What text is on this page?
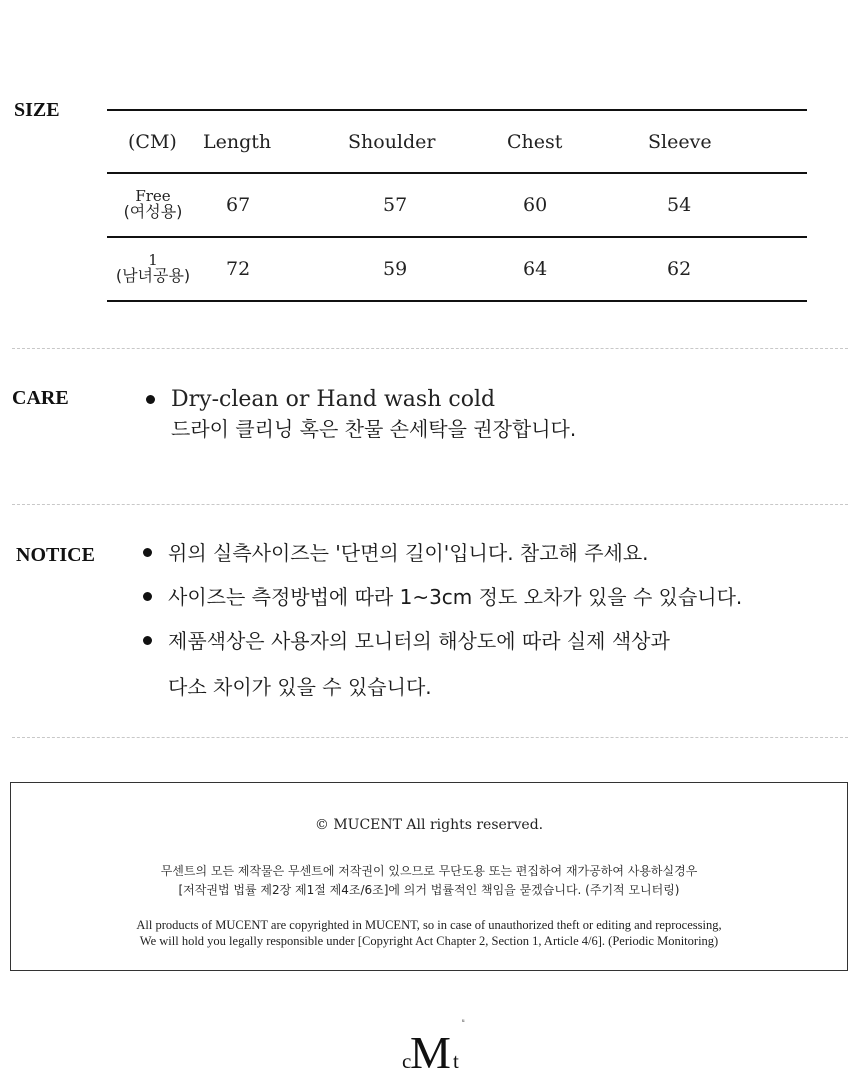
SIZE
(CM) Length	Shoulder	Chest	Sleeve
Free
(여성용) 67	57	60	54
1
(남녀공용) 72	59	64	62
CARE	Dry-clean or Hand wash cold
드라이 클리닝 혹은 찬물 손세탁을 권장합니다.
NOTICE	위의 실측사이즈는 '단면의 길이'입니다. 참고해 주세요.
사이즈는 측정방법에 따라 1~3cm 정도 오차가 있을 수 있습니다.
제품색상은 사용자의 모니터의 해상도에 따라 실제 색상과
다소 차이가 있을 수 있습니다.
© MUCENT All rights reserved.
무센트의 모든 제작물은 무센트에 저작권이 있으므로 무단도용 또는 편집하여 재가공하여 사용하실경우
[저작권법 법률 제2장 제1절 제4조/6조]에 의거 법률적인 책임을 묻겠습니다. (주기적 모니터링)
All products of MUCENT are copyrighted in MUCENT, so in case of unauthorized theft or editing and reprocessing,
We will hold you legally responsible under [Copyright Act Chapter 2, Section 1, Article 4/6]. (Periodic Monitoring)
c
M t
u
